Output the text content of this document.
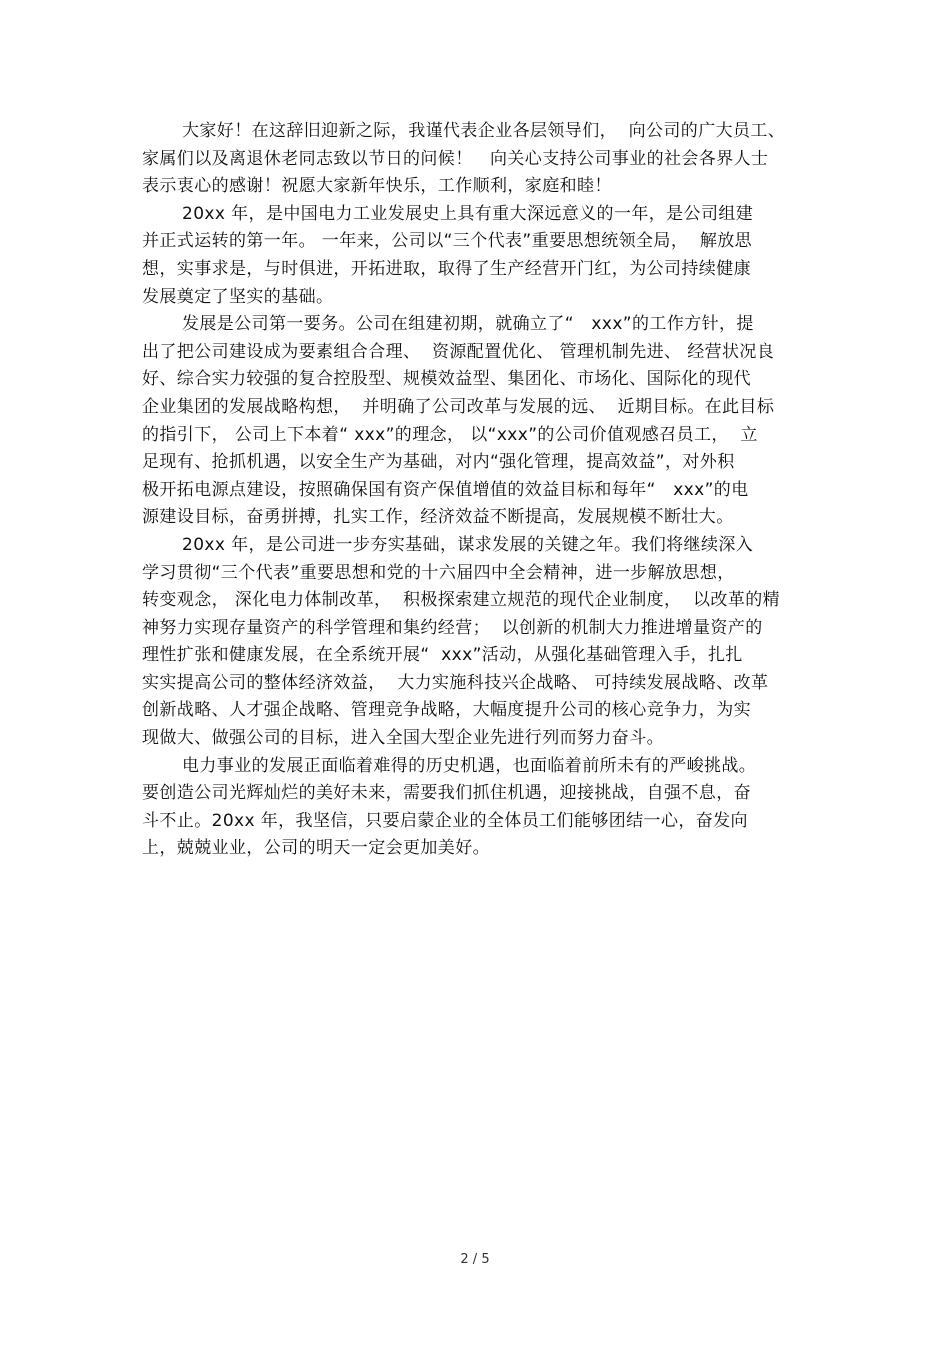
大家好！在这辞旧迎新之际，我谨代表企业各层领导们，  向公司的广大员工、
家属们以及离退休老同志致以节日的问候！   向关心支持公司事业的社会各界人士
表示衷心的感谢！祝愿大家新年快乐，工作顺利，家庭和睦！
20xx 年，是中国电力工业发展史上具有重大深远意义的一年，是公司组建
并正式运转的第一年。 一年来，公司以“三个代表”重要思想统领全局，  解放思
想，实事求是，与时俱进，开拓进取，取得了生产经营开门红，为公司持续健康
发展奠定了坚实的基础。
发展是公司第一要务。公司在组建初期，就确立了“   xxx”的工作方针，提
出了把公司建设成为要素组合合理、  资源配置优化、 管理机制先进、 经营状况良
好、综合实力较强的复合控股型、规模效益型、集团化、市场化、国际化的现代
企业集团的发展战略构想，  并明确了公司改革与发展的远、  近期目标。在此目标
的指引下， 公司上下本着“ xxx”的理念， 以“xxx”的公司价值观感召员工，  立
足现有、抢抓机遇，以安全生产为基础，对内“强化管理，提高效益”，对外积
极开拓电源点建设，按照确保国有资产保值增值的效益目标和每年“   xxx”的电
源建设目标，奋勇拼搏，扎实工作，经济效益不断提高，发展规模不断壮大。
20xx 年，是公司进一步夯实基础，谋求发展的关键之年。我们将继续深入
学习贯彻“三个代表”重要思想和党的十六届四中全会精神，进一步解放思想，
转变观念， 深化电力体制改革，  积极探索建立规范的现代企业制度，  以改革的精
神努力实现存量资产的科学管理和集约经营；  以创新的机制大力推进增量资产的
理性扩张和健康发展，在全系统开展“  xxx”活动，从强化基础管理入手，扎扎
实实提高公司的整体经济效益，  大力实施科技兴企战略、 可持续发展战略、改革
创新战略、人才强企战略、管理竞争战略，大幅度提升公司的核心竞争力，为实
现做大、做强公司的目标，进入全国大型企业先进行列而努力奋斗。
电力事业的发展正面临着难得的历史机遇，也面临着前所未有的严峻挑战。
要创造公司光辉灿烂的美好未来，需要我们抓住机遇，迎接挑战，自强不息，奋
斗不止。20xx 年，我坚信，只要启蒙企业的全体员工们能够团结一心，奋发向
上，兢兢业业，公司的明天一定会更加美好。
2 / 5
